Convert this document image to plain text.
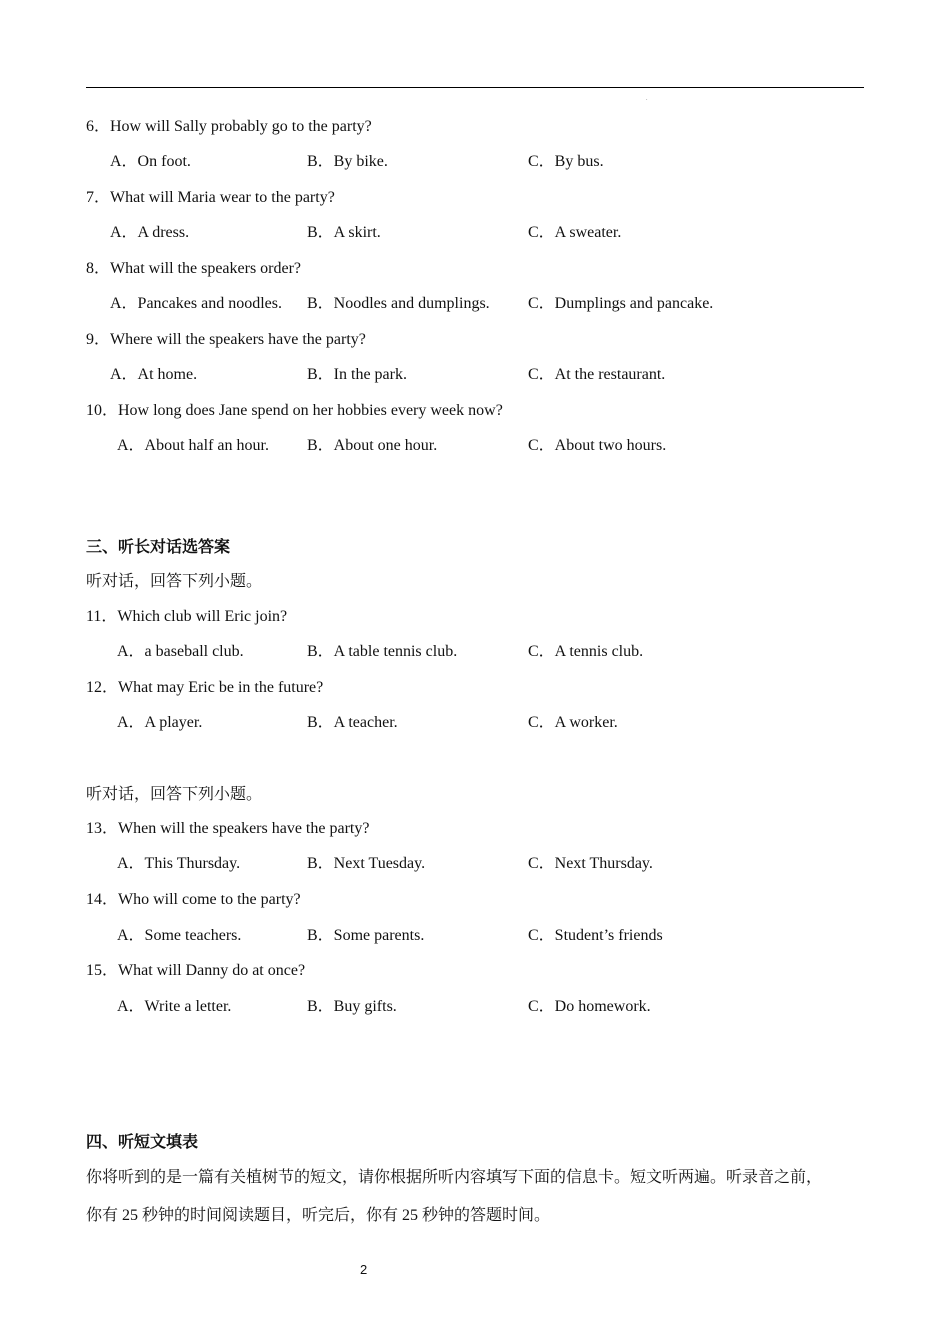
.
6．How will Sally probably go to the party?
A．On foot.	B．By bike.	C．By bus.
7．What will Maria wear to the party?
A．A dress.	B．A skirt.	C．A sweater.
8．What will the speakers order?
A．Pancakes and noodles. B．Noodles and dumplings. C．Dumplings and pancake.
9．Where will the speakers have the party?
A．At home.	B．In the park.	C．At the restaurant.
10．How long does Jane spend on her hobbies every week now?
A．About half an hour. B．About one hour.	C．About two hours.
三、听长对话选答案
听对话，回答下列小题。
11．Which club will Eric join?
A．a baseball club.	B．A table tennis club.	C．A tennis club.
12．What may Eric be in the future?
A．A player.	B．A teacher.	C．A worker.
听对话，回答下列小题。
13．When will the speakers have the party?
A．This Thursday.	B．Next Tuesday.	C．Next Thursday.
14．Who will come to the party?
A．Some teachers.	B．Some parents.	C．Student’s friends
15．What will Danny do at once?
A．Write a letter.	B．Buy gifts.	C．Do homework.
四、听短文填表
你将听到的是一篇有关植树节的短文，请你根据所听内容填写下面的信息卡。短文听两遍。听录音之前，
你有 25 秒钟的时间阅读题目，听完后，你有 25 秒钟的答题时间。
2
